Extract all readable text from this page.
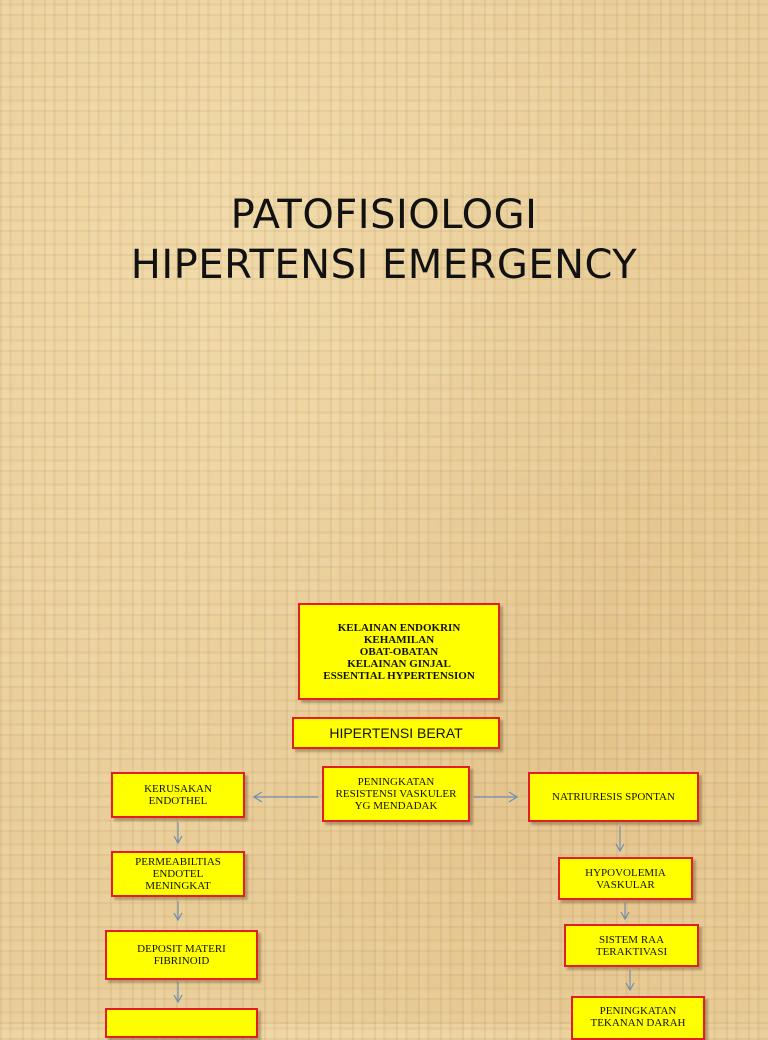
PATOFISIOLOGI
HIPERTENSI EMERGENCY
KELAINAN ENDOKRIN
KEHAMILAN
OBAT-OBATAN
KELAINAN GINJAL
ESSENTIAL HYPERTENSION
HIPERTENSI BERAT
PENINGKATAN
RESISTENSI VASKULER
YG MENDADAK
KERUSAKAN
ENDOTHEL
PERMEABILTIAS
ENDOTEL
MENINGKAT
DEPOSIT MATERI
FIBRINOID
NATRIURESIS SPONTAN
HYPOVOLEMIA
VASKULAR
SISTEM RAA
TERAKTIVASI
PENINGKATAN
TEKANAN DARAH
